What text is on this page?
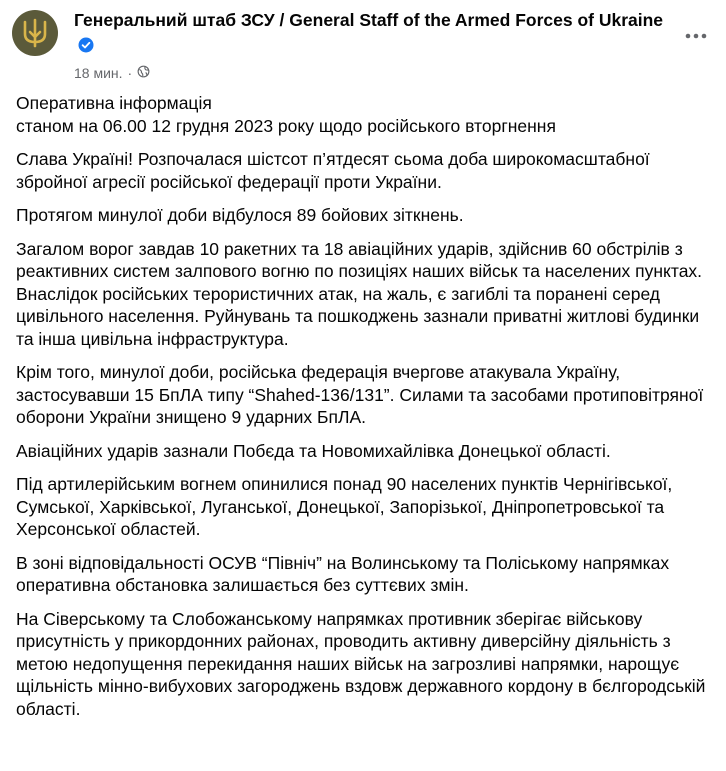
Генеральний штаб ЗСУ / General Staff of the Armed Forces of Ukraine
18 мин. ·

Оперативна інформація
станом на 06.00 12 грудня 2023 року щодо російського вторгнення

Слава Україні! Розпочалася шістсот п’ятдесят сьома доба широкомасштабної збройної агресії російської федерації проти України.

Протягом минулої доби відбулося 89 бойових зіткнень.

Загалом ворог завдав 10 ракетних та 18 авіаційних ударів, здійснив 60 обстрілів з реактивних систем залпового вогню по позиціях наших військ та населених пунктах. Внаслідок російських терористичних атак, на жаль, є загиблі та поранені серед цивільного населення. Руйнувань та пошкоджень зазнали приватні житлові будинки та інша цивільна інфраструктура.

Крім того, минулої доби, російська федерація вчергове атакувала Україну, застосувавши 15 БпЛА типу “Shahed-136/131”. Силами та засобами протиповітряної оборони України знищено 9 ударних БпЛА.

Авіаційних ударів зазнали Побєда та Новомихайлівка Донецької області.

Під артилерійським вогнем опинилися понад 90 населених пунктів Чернігівської, Сумської, Харківської, Луганської, Донецької, Запорізької, Дніпропетровської та Херсонської областей.

В зоні відповідальності ОСУВ “Північ” на Волинському та Поліському напрямках оперативна обстановка залишається без суттєвих змін.

На Сіверському та Слобожанському напрямках противник зберігає військову присутність у прикордонних районах, проводить активну диверсійну діяльність з метою недопущення перекидання наших військ на загрозливі напрямки, нарощує щільність мінно-вибухових загороджень вздовж державного кордону в бєлгородській області.
